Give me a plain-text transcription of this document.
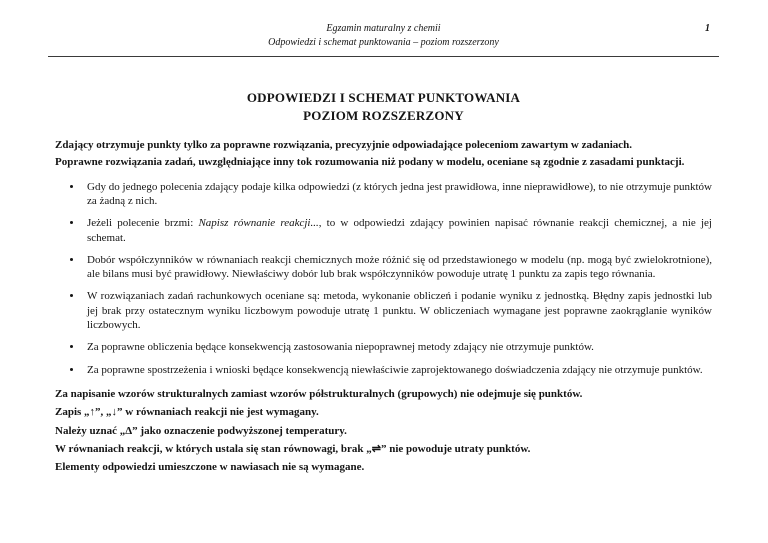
Egzamin maturalny z chemii	1
Odpowiedzi i schemat punktowania – poziom rozszerzony
ODPOWIEDZI I SCHEMAT PUNKTOWANIA
POZIOM ROZSZERZONY

Zdający otrzymuje punkty tylko za poprawne rozwiązania, precyzyjnie odpowiadające poleceniom zawartym w zadaniach.

Poprawne rozwiązania zadań, uwzględniające inny tok rozumowania niż podany w modelu, oceniane są zgodnie z zasadami punktacji.

• Gdy do jednego polecenia zdający podaje kilka odpowiedzi (z których jedna jest prawidłowa, inne nieprawidłowe), to nie otrzymuje punktów za żadną z nich.
• Jeżeli polecenie brzmi: Napisz równanie reakcji..., to w odpowiedzi zdający powinien napisać równanie reakcji chemicznej, a nie jej schemat.
• Dobór współczynników w równaniach reakcji chemicznych może różnić się od przedstawionego w modelu (np. mogą być zwielokrotnione), ale bilans musi być prawidłowy. Niewłaściwy dobór lub brak współczynników powoduje utratę 1 punktu za zapis tego równania.
• W rozwiązaniach zadań rachunkowych oceniane są: metoda, wykonanie obliczeń i podanie wyniku z jednostką. Błędny zapis jednostki lub jej brak przy ostatecznym wyniku liczbowym powoduje utratę 1 punktu. W obliczeniach wymagane jest poprawne zaokrąglanie wyników liczbowych.
• Za poprawne obliczenia będące konsekwencją zastosowania niepoprawnej metody zdający nie otrzymuje punktów.
• Za poprawne spostrzeżenia i wnioski będące konsekwencją niewłaściwie zaprojektowanego doświadczenia zdający nie otrzymuje punktów.

Za napisanie wzorów strukturalnych zamiast wzorów półstrukturalnych (grupowych) nie odejmuje się punktów.

Zapis „↑”, „↓” w równaniach reakcji nie jest wymagany.

Należy uznać „Δ” jako oznaczenie podwyższonej temperatury.

W równaniach reakcji, w których ustala się stan równowagi, brak „⇌” nie powoduje utraty punktów.

Elementy odpowiedzi umieszczone w nawiasach nie są wymagane.
